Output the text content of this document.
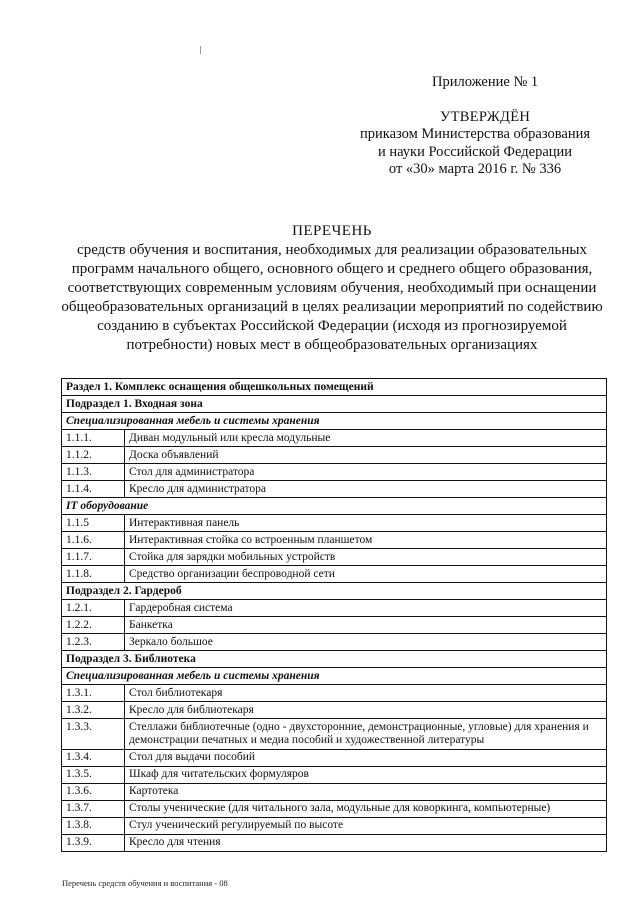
Приложение № 1
УТВЕРЖДЁН
приказом Министерства образования
и науки Российской Федерации
от «30» марта 2016 г. № 336
ПЕРЕЧЕНЬ
средств обучения и воспитания, необходимых для реализации образовательных
программ начального общего, основного общего и среднего общего образования,
соответствующих современным условиям обучения, необходимый при оснащении
общеобразовательных организаций в целях реализации мероприятий по содействию
созданию в субъектах Российской Федерации (исходя из прогнозируемой
потребности) новых мест в общеобразовательных организациях
Раздел 1. Комплекс оснащения общешкольных помещений	
Подраздел 1. Входная зона	
Специализированная мебель и системы хранения	
1.1.1.	Диван модульный или кресла модульные
1.1.2.	Доска объявлений
1.1.3.	Стол для администратора
1.1.4.	Кресло для администратора
IT оборудование	
1.1.5	Интерактивная панель
1.1.6.	Интерактивная стойка со встроенным планшетом
1.1.7.	Стойка для зарядки мобильных устройств
1.1.8.	Средство организации беспроводной сети
Подраздел 2. Гардероб	
1.2.1.	Гардеробная система
1.2.2.	Банкетка
1.2.3.	Зеркало большое
Подраздел 3. Библиотека	
Специализированная мебель и системы хранения	
1.3.1.	Стол библиотекаря
1.3.2.	Кресло для библиотекаря
1.3.3.	Стеллажи библиотечные (одно - двухсторонние, демонстрационные, угловые) для хранения и демонстрации печатных и медиа пособий и художественной литературы
1.3.4.	Стол для выдачи пособий
1.3.5.	Шкаф для читательских формуляров
1.3.6.	Картотека
1.3.7.	Столы ученические (для читального зала, модульные для коворкинга, компьютерные)
1.3.8.	Стул ученический регулируемый по высоте
1.3.9.	Кресло для чтения
Перечень средств обучения и воспитания - 08
